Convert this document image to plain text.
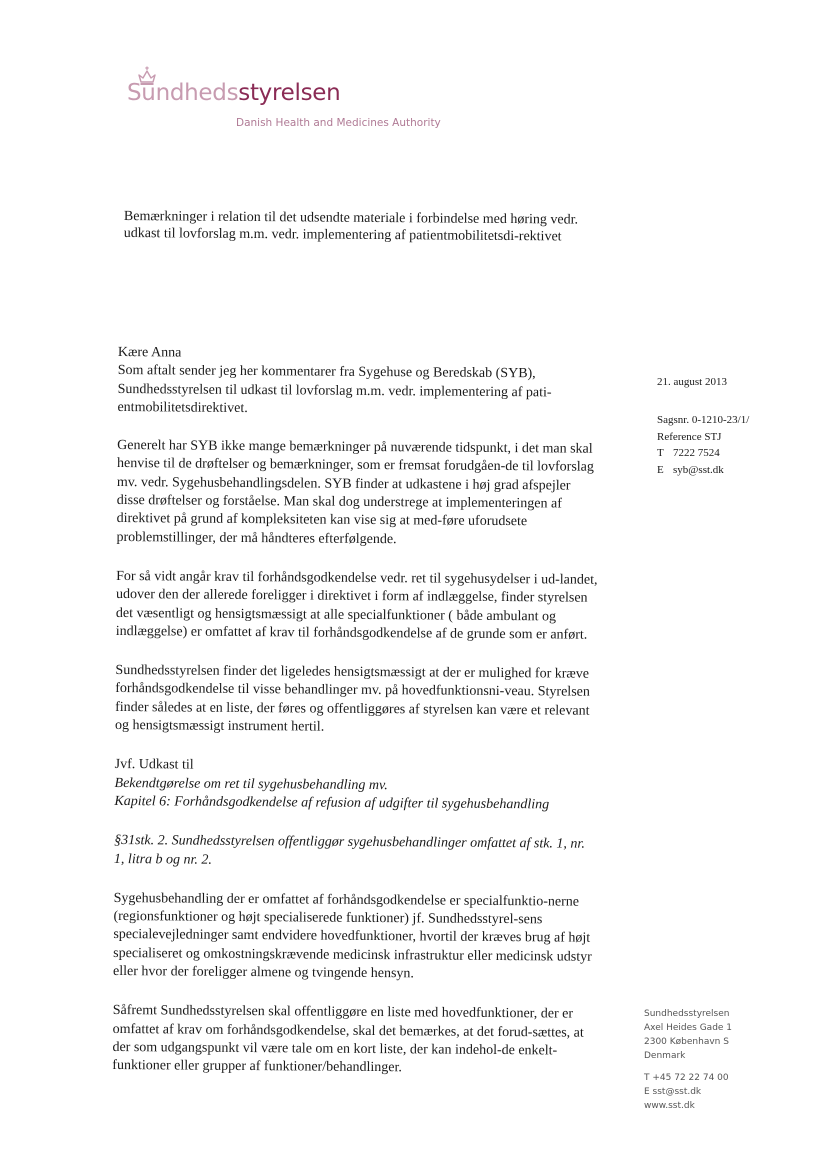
Sundhedsstyrelsen
Danish Health and Medicines Authority
Bemærkninger i relation til det udsendte materiale i forbindelse med høring vedr. udkast til lovforslag m.m. vedr. implementering af patientmobilitetsdi-rektivet

Kære Anna

Som aftalt sender jeg her kommentarer fra Sygehuse og Beredskab (SYB), Sundhedsstyrelsen til udkast til lovforslag m.m. vedr. implementering af pati-entmobilitetsdirektivet.

Generelt har SYB ikke mange bemærkninger på nuværende tidspunkt, i det man skal henvise til de drøftelser og bemærkninger, som er fremsat forudgåen-de til lovforslag mv. vedr. Sygehusbehandlingsdelen. SYB finder at udkastene i høj grad afspejler disse drøftelser og forståelse. Man skal dog understrege at implementeringen af direktivet på grund af kompleksiteten kan vise sig at med-føre uforudsete problemstillinger, der må håndteres efterfølgende.

For så vidt angår krav til forhåndsgodkendelse vedr. ret til sygehusydelser i ud-landet, udover den der allerede foreligger i direktivet i form af indlæggelse, finder styrelsen det væsentligt og hensigtsmæssigt at alle specialfunktioner ( både ambulant og indlæggelse) er omfattet af krav til forhåndsgodkendelse af de grunde som er anført.

Sundhedsstyrelsen finder det ligeledes hensigtsmæssigt at der er mulighed for kræve forhåndsgodkendelse til visse behandlinger mv. på hovedfunktionsni-veau. Styrelsen finder således at en liste, der føres og offentliggøres af styrelsen kan være et relevant og hensigtsmæssigt instrument hertil.

Jvf. Udkast til

Bekendtgørelse om ret til sygehusbehandling mv.

Kapitel 6: Forhåndsgodkendelse af refusion af udgifter til sygehusbehandling

§31stk. 2. Sundhedsstyrelsen offentliggør sygehusbehandlinger omfattet af stk. 1, nr. 1, litra b og nr. 2.

Sygehusbehandling der er omfattet af forhåndsgodkendelse er specialfunktio-nerne (regionsfunktioner og højt specialiserede funktioner) jf. Sundhedsstyrel-sens specialevejledninger samt endvidere hovedfunktioner, hvortil der kræves brug af højt specialiseret og omkostningskrævende medicinsk infrastruktur eller medicinsk udstyr eller hvor der foreligger almene og tvingende hensyn.

Såfremt Sundhedsstyrelsen skal offentliggøre en liste med hovedfunktioner, der er omfattet af krav om forhåndsgodkendelse, skal det bemærkes, at det forud-sættes, at der som udgangspunkt vil være tale om en kort liste, der kan indehol-de enkelt-funktioner eller grupper af funktioner/behandlinger.

21. august 2013
Sagsnr. 0-1210-23/1/
Reference STJ
T 7222 7524
E syb@sst.dk
Sundhedsstyrelsen
Axel Heides Gade 1
2300 København S
Denmark
T +45 72 22 74 00
E sst@sst.dk
www.sst.dk
